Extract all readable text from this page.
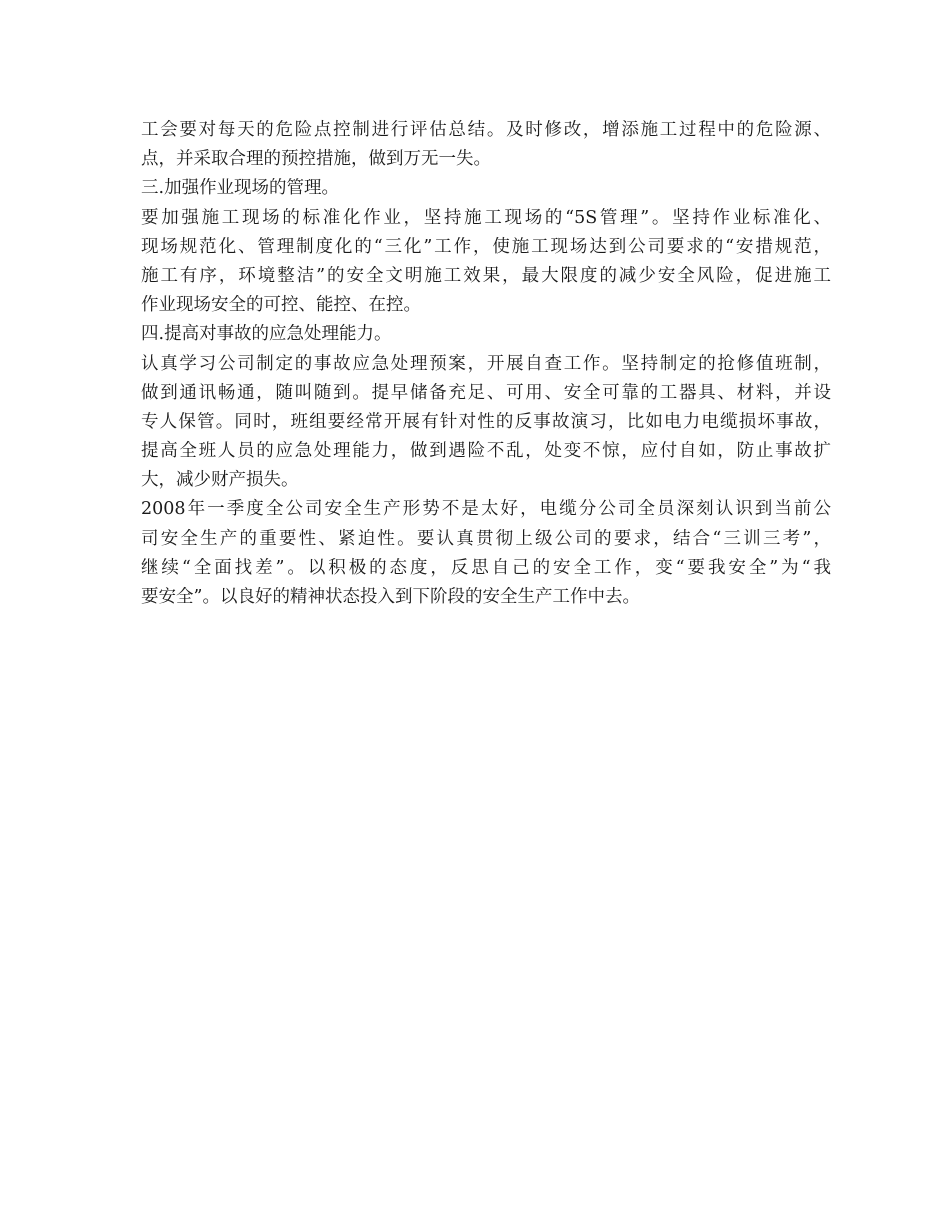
工会要对每天的危险点控制进行评估总结。及时修改，增添施工过程中的危险源、
点，并采取合理的预控措施，做到万无一失。
三.加强作业现场的管理。
要加强施工现场的标准化作业，坚持施工现场的“5S管理”。坚持作业标准化、
现场规范化、管理制度化的“三化”工作，使施工现场达到公司要求的“安措规范，
施工有序，环境整洁”的安全文明施工效果，最大限度的减少安全风险，促进施工
作业现场安全的可控、能控、在控。
四.提高对事故的应急处理能力。
认真学习公司制定的事故应急处理预案，开展自查工作。坚持制定的抢修值班制，
做到通讯畅通，随叫随到。提早储备充足、可用、安全可靠的工器具、材料，并设
专人保管。同时，班组要经常开展有针对性的反事故演习，比如电力电缆损坏事故，
提高全班人员的应急处理能力，做到遇险不乱，处变不惊，应付自如，防止事故扩
大，减少财产损失。
2008年一季度全公司安全生产形势不是太好，电缆分公司全员深刻认识到当前公
司安全生产的重要性、紧迫性。要认真贯彻上级公司的要求，结合“三训三考”，
继续“全面找差”。以积极的态度，反思自己的安全工作，变“要我安全”为“我
要安全”。以良好的精神状态投入到下阶段的安全生产工作中去。
